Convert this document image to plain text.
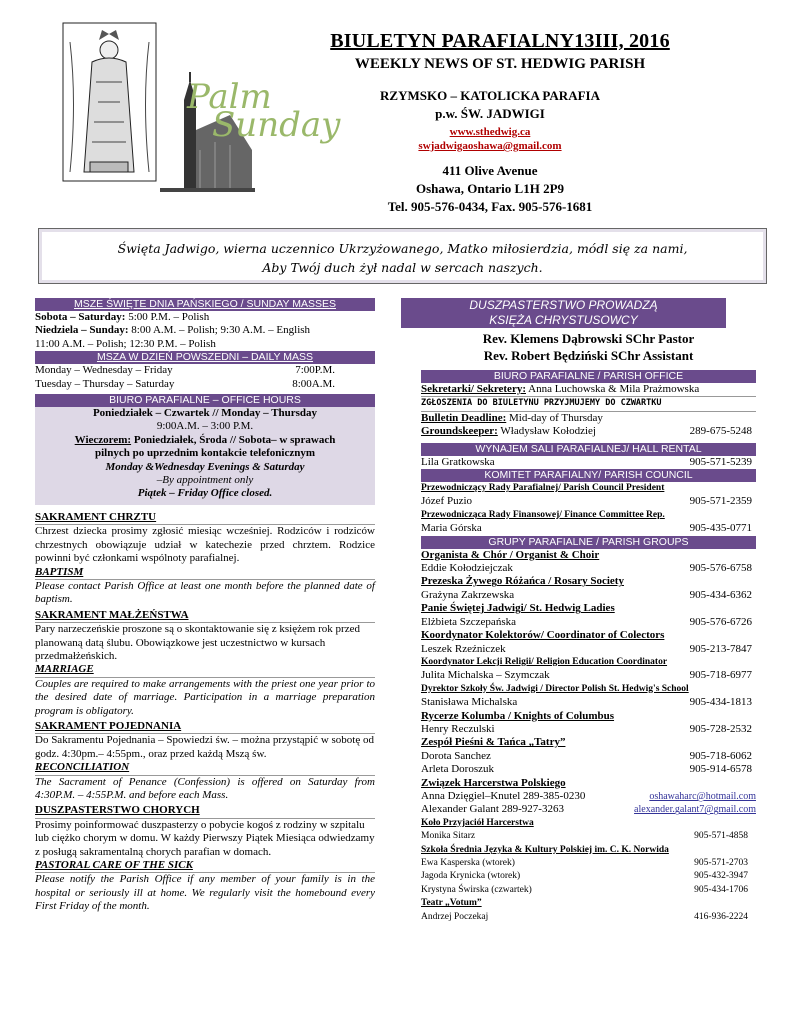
Palm
Sunday
BIULETYN PARAFIALNY13III, 2016
WEEKLY NEWS OF ST. HEDWIG PARISH
RZYMSKO – KATOLICKA PARAFIA
p.w. ŚW. JADWIGI
www.sthedwig.ca
swjadwigaoshawa@gmail.com
411 Olive Avenue
Oshawa, Ontario L1H 2P9
Tel. 905-576-0434, Fax. 905-576-1681
Święta Jadwigo, wierna uczennico Ukrzyżowanego, Matko miłosierdzia, módl się za nami,
Aby Twój duch żył nadal w sercach naszych.
MSZE ŚWIĘTE DNIA PAŃSKIEGO / SUNDAY MASSES
Sobota – Saturday: 5:00 P.M. – Polish
Niedziela – Sunday: 8:00 A.M. – Polish; 9:30 A.M. – English
11:00 A.M. – Polish; 12:30 P.M. – Polish
MSZA W DZIEŃ POWSZEDNI – DAILY MASS
Monday – Wednesday – Friday	7:00P.M.
Tuesday – Thursday – Saturday	8:00A.M.
BIURO PARAFIALNE – OFFICE HOURS
Poniedziałek – Czwartek // Monday – Thursday
9:00A.M. – 3:00 P.M.
Wieczorem: Poniedziałek, Środa // Sobota– w sprawach pilnych po uprzednim kontakcie telefonicznym
Monday &Wednesday Evenings & Saturday
–By appointment only
Piątek – Friday Office closed.
SAKRAMENT CHRZTU
Chrzest dziecka prosimy zgłosić miesiąc wcześniej. Rodziców i rodziców chrzestnych obowiązuje udział w katechezie przed chrztem. Rodzice powinni być członkami wspólnoty parafialnej.
BAPTISM
Please contact Parish Office at least one month before the planned date of baptism.
SAKRAMENT MAŁŻEŃSTWA
Pary narzeczeńskie proszone są o skontaktowanie się z księżem rok przed planowaną datą ślubu. Obowiązkowe jest uczestnictwo w kursach przedmałżeńskich.
MARRIAGE
Couples are required to make arrangements with the priest one year prior to the desired date of marriage. Participation in a marriage preparation program is obligatory.
SAKRAMENT POJEDNANIA
Do Sakramentu Pojednania – Spowiedzi św. – można przystąpić w sobotę od godz. 4:30pm.– 4:55pm., oraz przed każdą Mszą św.
RECONCILIATION
The Sacrament of Penance (Confession) is offered on Saturday from 4:30P.M. – 4:55P.M. and before each Mass.
DUSZPASTERSTWO CHORYCH
Prosimy poinformować duszpasterzy o pobycie kogoś z rodziny w szpitalu lub ciężko chorym w domu. W każdy Pierwszy Piątek Miesiąca odwiedzamy z posługą sakramentalną chorych parafian w domach.
PASTORAL CARE OF THE SICK
Please notify the Parish Office if any member of your family is in the hospital or seriously ill at home. We regularly visit the homebound every First Friday of the month.
DUSZPASTERSTWO PROWADZĄ
KSIĘŻA CHRYSTUSOWCY
Rev. Klemens Dąbrowski SChr Pastor
Rev. Robert Będziński SChr Assistant
BIURO PARAFIALNE / PARISH OFFICE
Sekretarki/ Sekretery: Anna Luchowska & Mila Prażmowska
ZGŁOSZENIA DO BIULETYNU PRZYJMUJEMY DO CZWARTKU
Bulletin Deadline: Mid-day of Thursday
Groundskeeper: Władysław Kołodziej	289-675-5248
WYNAJEM SALI PARAFIALNEJ/ HALL RENTAL
Lila Gratkowska	905-571-5239
KOMITET PARAFIALNY/ PARISH COUNCIL
Przewodniczący Rady Parafialnej/ Parish Council President
Józef Puzio	905-571-2359
Przewodnicząca Rady Finansowej/ Finance Committee Rep.
Maria Górska	905-435-0771
GRUPY PARAFIALNE / PARISH GROUPS
Organista & Chór / Organist & Choir
Eddie Kołodziejczak	905-576-6758
Prezeska Żywego Różańca / Rosary Society
Grażyna Zakrzewska	905-434-6362
Panie Świętej Jadwigi/ St. Hedwig Ladies
Elżbieta Szczepańska	905-576-6726
Koordynator Kolektorów/ Coordinator of Colectors
Leszek Rzeźniczek	905-213-7847
Koordynator Lekcji Religii/ Religion Education Coordinator
Julita Michalska – Szymczak	905-718-6977
Dyrektor Szkoły Św. Jadwigi / Director Polish St. Hedwig's School
Stanisława Michalska	905-434-1813
Rycerze Kolumba / Knights of Columbus
Henry Reczulski	905-728-2532
Zespół Pieśni & Tańca „Tatry”
Dorota Sanchez	905-718-6062
Arleta Doroszuk	905-914-6578
Związek Harcerstwa Polskiego
Anna Dzięgiel–Knutel 289-385-0230	oshawaharc@hotmail.com
Alexander Galant 289-927-3263	alexander.galant7@gmail.com
Koło Przyjaciół Harcerstwa
Monika Sitarz	905-571-4858
Szkoła Średnia Języka & Kultury Polskiej im. C. K. Norwida
Ewa Kasperska (wtorek)	905-571-2703
Jagoda Krynicka (wtorek)	905-432-3947
Krystyna Świrska (czwartek)	905-434-1706
Teatr „Votum”
Andrzej Poczekaj	416-936-2224
